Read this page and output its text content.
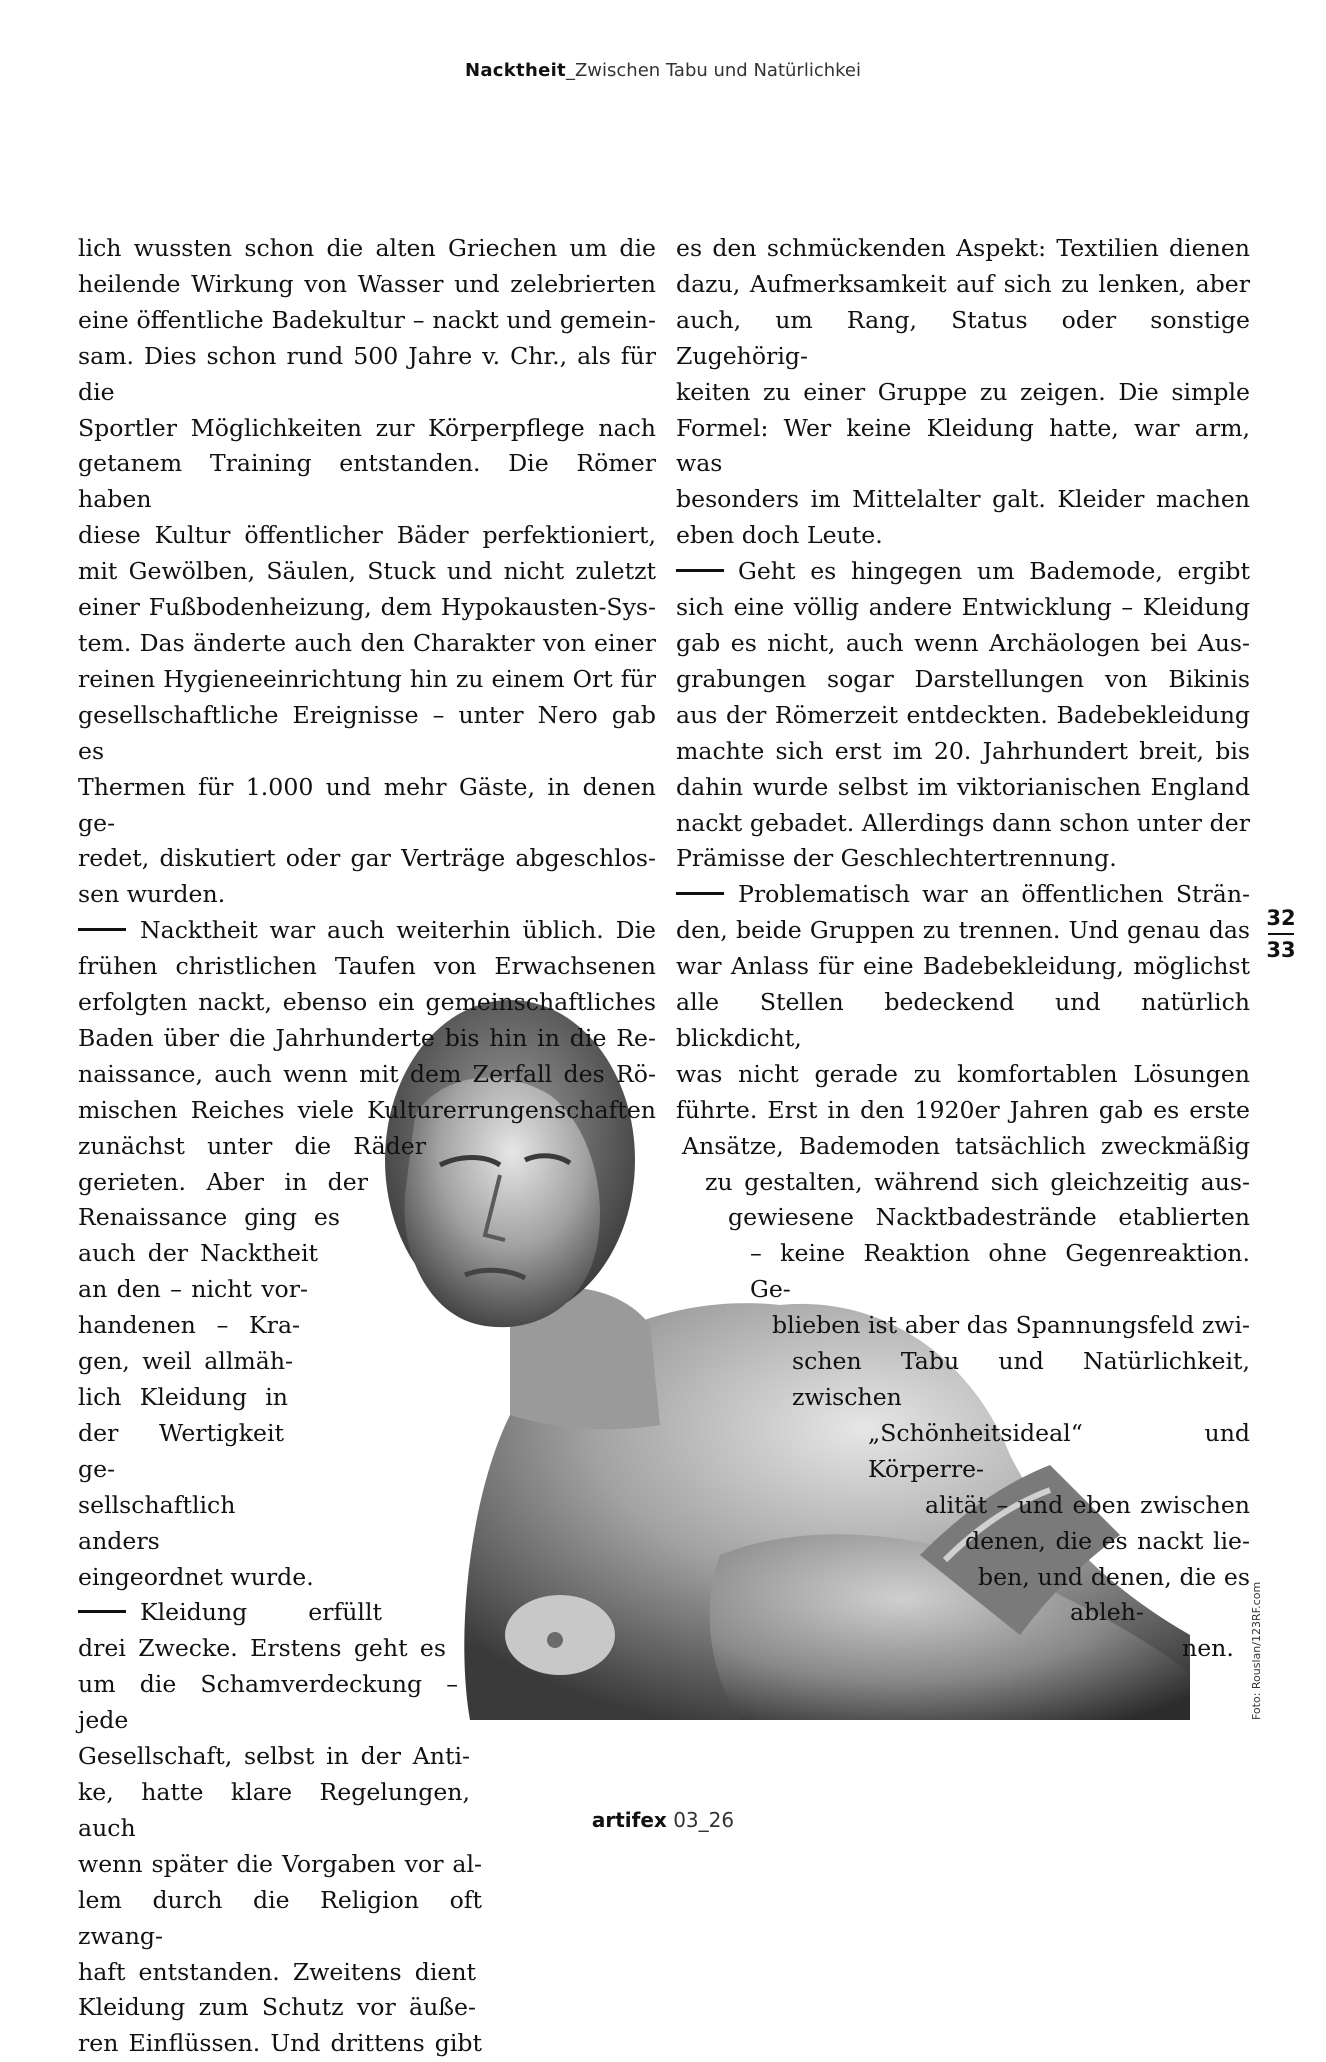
Nacktheit_Zwischen Tabu und Natürlichkei

lich wussten schon die alten Griechen um die

heilende Wirkung von Wasser und zelebrierten

eine öffentliche Badekultur – nackt und gemein-

sam. Dies schon rund 500 Jahre v. Chr., als für die

Sportler Möglichkeiten zur Körperpflege nach

getanem Training entstanden. Die Römer haben

diese Kultur öffentlicher Bäder perfektioniert,

mit Gewölben, Säulen, Stuck und nicht zuletzt

einer Fußbodenheizung, dem Hypokausten-Sys-

tem. Das änderte auch den Charakter von einer

reinen Hygieneeinrichtung hin zu einem Ort für

gesellschaftliche Ereignisse – unter Nero gab es

Thermen für 1.000 und mehr Gäste, in denen ge-

redet, diskutiert oder gar Verträge abgeschlos-

sen wurden.

Nacktheit war auch weiterhin üblich. Die

frühen christlichen Taufen von Erwachsenen

erfolgten nackt, ebenso ein gemeinschaftliches

Baden über die Jahrhunderte bis hin in die Re-

naissance, auch wenn mit dem Zerfall des Rö-

mischen Reiches viele Kulturerrungenschaften

zunächst unter die Räder

gerieten. Aber in der

Renaissance ging es

auch der Nacktheit

an den – nicht vor-

handenen – Kra-

gen, weil allmäh-

lich Kleidung in

der Wertigkeit ge-

sellschaftlich anders

eingeordnet wurde.

Kleidung erfüllt

drei Zwecke. Erstens geht es

um die Schamverdeckung – jede

Gesellschaft, selbst in der Anti-

ke, hatte klare Regelungen, auch

wenn später die Vorgaben vor al-

lem durch die Religion oft zwang-

haft entstanden. Zweitens dient

Kleidung zum Schutz vor äuße-

ren Einflüssen. Und drittens gibt

es den schmückenden Aspekt: Textilien dienen

dazu, Aufmerksamkeit auf sich zu lenken, aber

auch, um Rang, Status oder sonstige Zugehörig-

keiten zu einer Gruppe zu zeigen. Die simple

Formel: Wer keine Kleidung hatte, war arm, was

besonders im Mittelalter galt. Kleider machen

eben doch Leute.

Geht es hingegen um Bademode, ergibt

sich eine völlig andere Entwicklung – Kleidung

gab es nicht, auch wenn Archäologen bei Aus-

grabungen sogar Darstellungen von Bikinis

aus der Römerzeit entdeckten. Badebekleidung

machte sich erst im 20. Jahrhundert breit, bis

dahin wurde selbst im viktorianischen England

nackt gebadet. Allerdings dann schon unter der

Prämisse der Geschlechtertrennung.

Problematisch war an öffentlichen Strän-

den, beide Gruppen zu trennen. Und genau das

war Anlass für eine Badebekleidung, möglichst

alle Stellen bedeckend und natürlich blickdicht,

was nicht gerade zu komfortablen Lösungen

führte. Erst in den 1920er Jahren gab es erste

Ansätze, Bademoden tatsächlich zweckmäßig

zu gestalten, während sich gleichzeitig aus-

gewiesene Nacktbadestrände etablierten

– keine Reaktion ohne Gegenreaktion. Ge-

blieben ist aber das Spannungsfeld zwi-

schen Tabu und Natürlichkeit, zwischen

„Schönheitsideal“ und Körperre-

alität – und eben zwischen

denen, die es nackt lie-

ben, und denen, die es

ableh-

nen.

32
33
Foto: Rouslan/123RF.com
artifex 03_26
